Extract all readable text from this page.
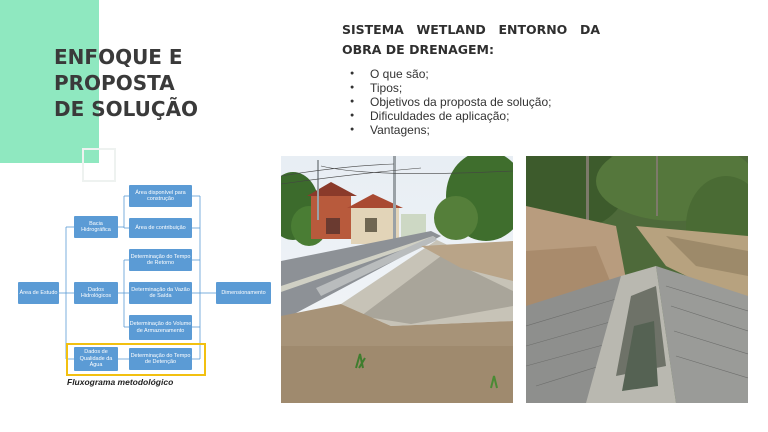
ENFOQUE E
PROPOSTA
DE SOLUÇÃO
SISTEMA WETLAND ENTORNO DA
OBRA DE DRENAGEM:
● O que são;
● Tipos;
● Objetivos da proposta de solução;
● Dificuldades de aplicação;
● Vantagens;
Área de Estudo
Bacia Hidrográfica
Dados Hidrológicos
Dados de Qualidade da Água
Área disponível para construção
Área de contribuição
Determinação do Tempo de Retorno
Determinação da Vazão de Saída
Determinação do Volume de Armazenamento
Determinação do Tempo de Detenção
Dimensionamento
Fluxograma metodológico
